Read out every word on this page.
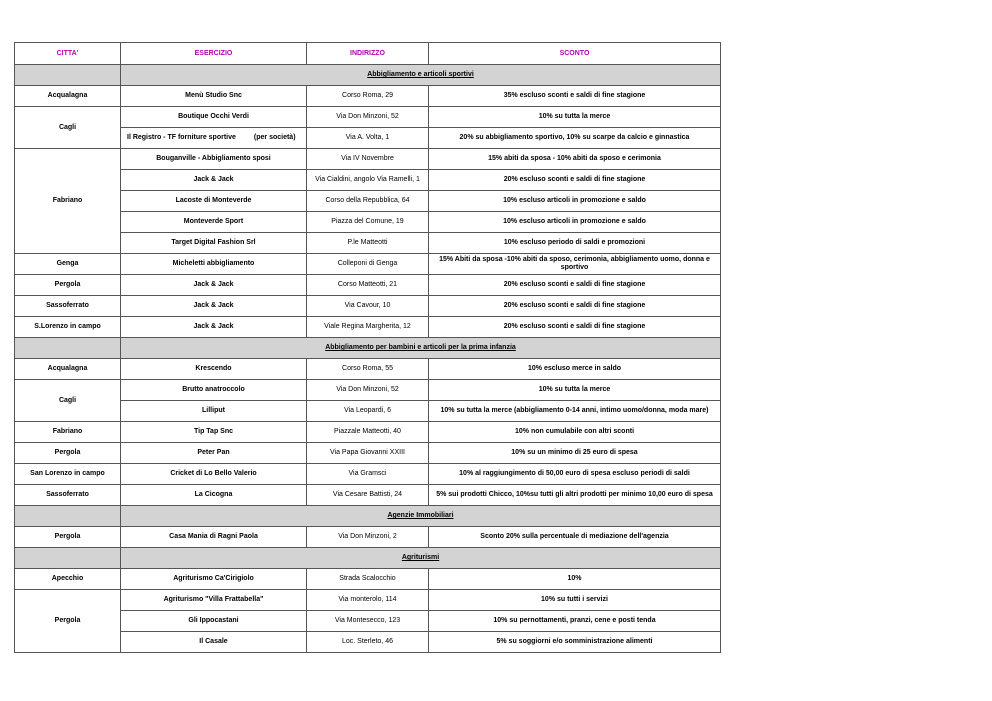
CITTA'	ESERCIZIO	INDIRIZZO	SCONTO
	Abbigliamento e articoli sportivi		
Acqualagna	Menù Studio Snc	Corso Roma, 29	35% escluso sconti e saldi di fine stagione
Cagli	Boutique Occhi Verdi	Via Don Minzoni, 52	10% su tutta la merce
	Il Registro - TF forniture sportive (per società)	Via A. Volta, 1	20% su abbigliamento sportivo, 10% su scarpe da calcio e ginnastica
Fabriano	Bouganville - Abbigliamento sposi	Via IV Novembre	15% abiti da sposa - 10% abiti da sposo e cerimonia
	Jack & Jack	Via Cialdini, angolo Via Ramelli, 1	20% escluso sconti e saldi di fine stagione
	Lacoste di Monteverde	Corso della Repubblica, 64	10% escluso articoli in promozione e saldo
	Monteverde Sport	Piazza del Comune, 19	10% escluso articoli in promozione e saldo
	Target Digital Fashion Srl	P.le Matteotti	10% escluso periodo di saldi e promozioni
Genga	Micheletti abbigliamento	Colleponi di Genga	15% Abiti da sposa -10% abiti da sposo, cerimonia, abbigliamento uomo, donna e sportivo
Pergola	Jack & Jack	Corso Matteotti, 21	20% escluso sconti e saldi di fine stagione
Sassoferrato	Jack & Jack	Via Cavour, 10	20% escluso sconti e saldi di fine stagione
S.Lorenzo in campo	Jack & Jack	Viale Regina Margherita, 12	20% escluso sconti e saldi di fine stagione
	Abbigliamento per bambini e articoli per la prima infanzia		
Acqualagna	Krescendo	Corso Roma, 55	10% escluso merce in saldo
Cagli	Brutto anatroccolo	Via Don Minzoni, 52	10% su tutta la merce
	Lilliput	Via Leopardi, 6	10% su tutta la merce (abbigliamento 0-14 anni, intimo uomo/donna, moda mare)
Fabriano	Tip Tap Snc	Piazzale Matteotti, 40	10% non cumulabile con altri sconti
Pergola	Peter Pan	Via Papa Giovanni XXIII	10% su un minimo di 25 euro di spesa
San Lorenzo in campo	Cricket di Lo Bello Valerio	Via Gramsci	10% al raggiungimento di 50,00 euro di spesa escluso periodi di saldi
Sassoferrato	La Cicogna	Via Cesare Battisti, 24	5% sui prodotti Chicco, 10%su tutti gli altri prodotti per minimo 10,00 euro di spesa
	Agenzie Immobiliari		
Pergola	Casa Mania di Ragni Paola	Via Don Minzoni, 2	Sconto 20% sulla percentuale di mediazione dell'agenzia
	Agriturismi		
Apecchio	Agriturismo Ca'Cirigiolo	Strada Scalocchio	10%
Pergola	Agriturismo "Villa Frattabella"	Via monterolo, 114	10% su tutti i servizi
	Gli Ippocastani	Via Montesecco, 123	10% su pernottamenti, pranzi, cene e posti tenda
	Il Casale	Loc. Sterleto, 46	5% su soggiorni e/o somministrazione alimenti
